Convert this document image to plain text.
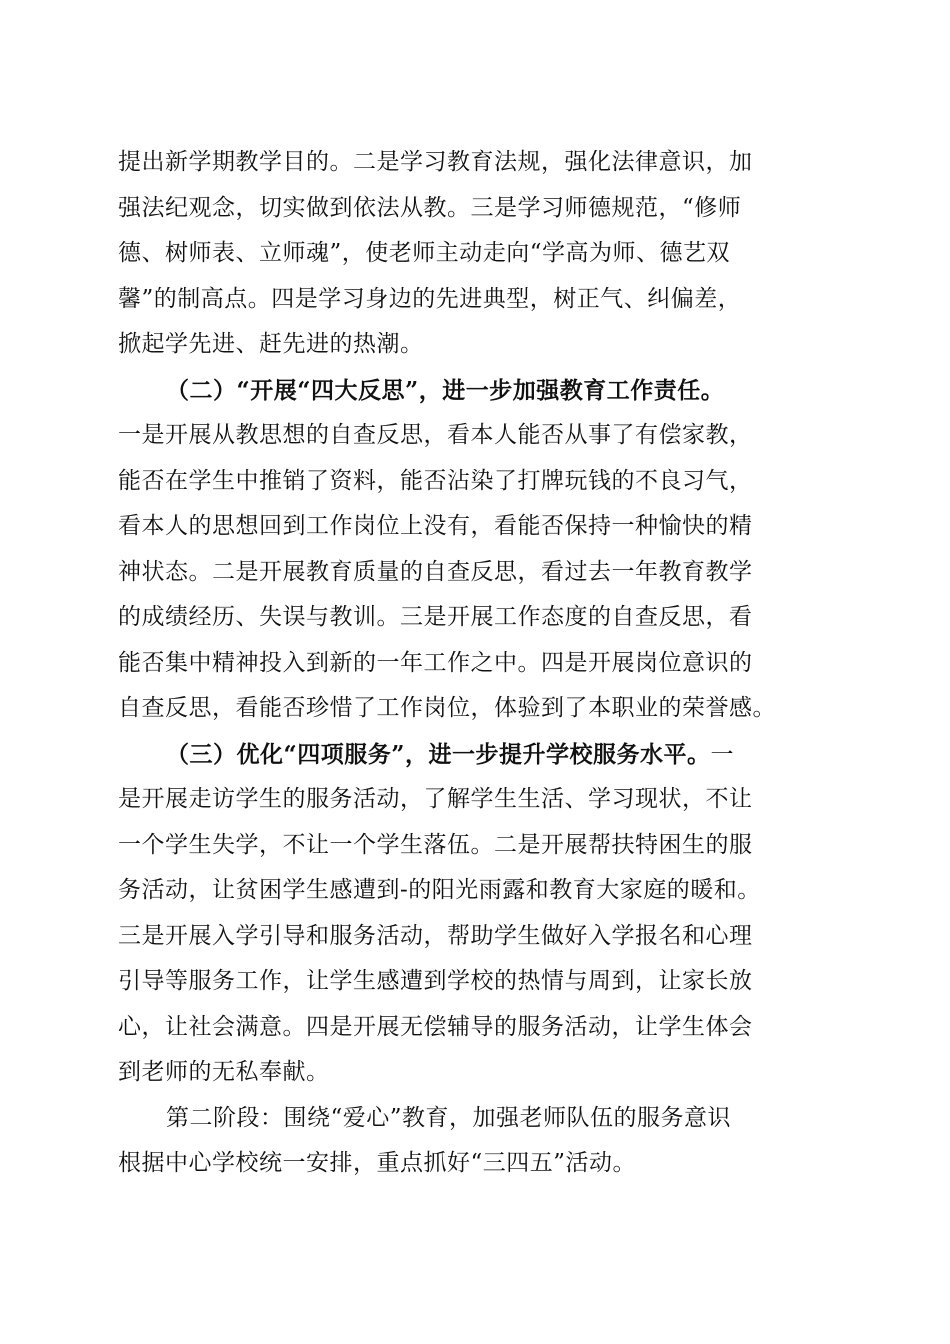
提出新学期教学目的。二是学习教育法规，强化法律意识，加
强法纪观念，切实做到依法从教。三是学习师德规范，“修师
德、树师表、立师魂”，使老师主动走向“学高为师、德艺双
馨”的制高点。四是学习身边的先进典型，树正气、纠偏差，
掀起学先进、赶先进的热潮。
（二）“开展“四大反思”，进一步加强教育工作责任。
一是开展从教思想的自查反思，看本人能否从事了有偿家教，
能否在学生中推销了资料，能否沾染了打牌玩钱的不良习气，
看本人的思想回到工作岗位上没有，看能否保持一种愉快的精
神状态。二是开展教育质量的自查反思，看过去一年教育教学
的成绩经历、失误与教训。三是开展工作态度的自查反思，看
能否集中精神投入到新的一年工作之中。四是开展岗位意识的
自查反思，看能否珍惜了工作岗位，体验到了本职业的荣誉感。
（三）优化“四项服务”，进一步提升学校服务水平。一
是开展走访学生的服务活动，了解学生生活、学习现状，不让
一个学生失学，不让一个学生落伍。二是开展帮扶特困生的服
务活动，让贫困学生感遭到-的阳光雨露和教育大家庭的暖和。
三是开展入学引导和服务活动，帮助学生做好入学报名和心理
引导等服务工作，让学生感遭到学校的热情与周到，让家长放
心，让社会满意。四是开展无偿辅导的服务活动，让学生体会
到老师的无私奉献。
第二阶段：围绕“爱心”教育，加强老师队伍的服务意识
根据中心学校统一安排，重点抓好“三四五”活动。
